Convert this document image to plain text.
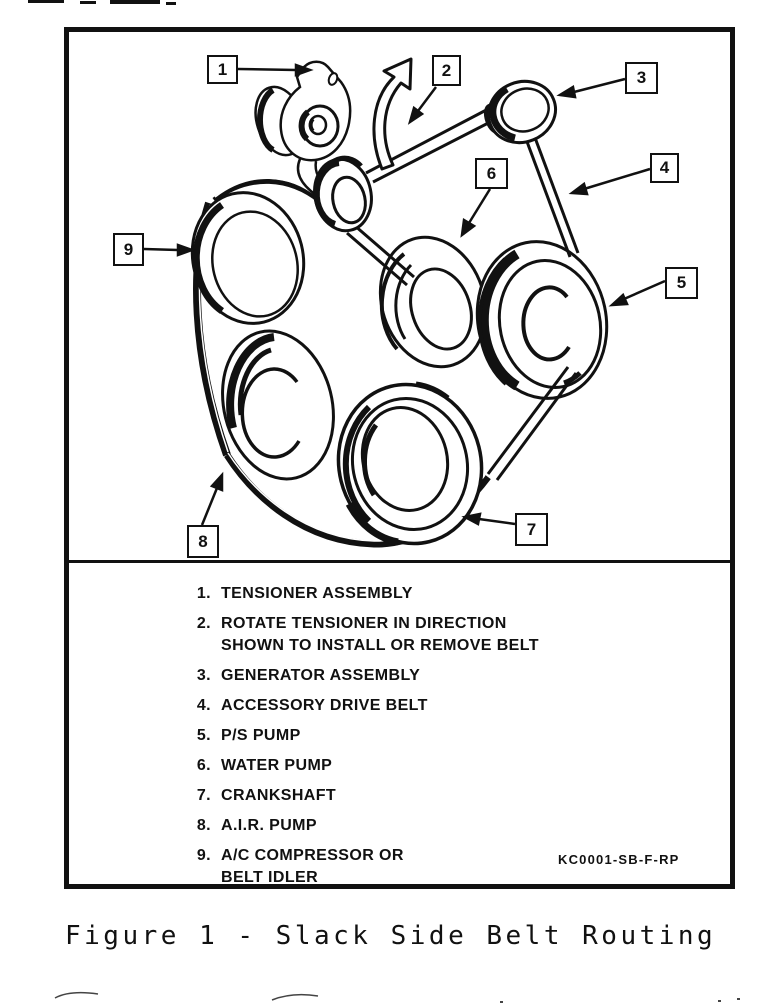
1	2	3
4
5
6
7
8
9
1. TENSIONER ASSEMBLY
2. ROTATE TENSIONER IN DIRECTION
SHOWN TO INSTALL OR REMOVE BELT
3. GENERATOR ASSEMBLY
4. ACCESSORY DRIVE BELT
5. P/S PUMP
6. WATER PUMP
7. CRANKSHAFT
8. A.I.R. PUMP
9. A/C COMPRESSOR OR
BELT IDLER
KC0001-SB-F-RP
Figure 1 - Slack Side Belt Routing
